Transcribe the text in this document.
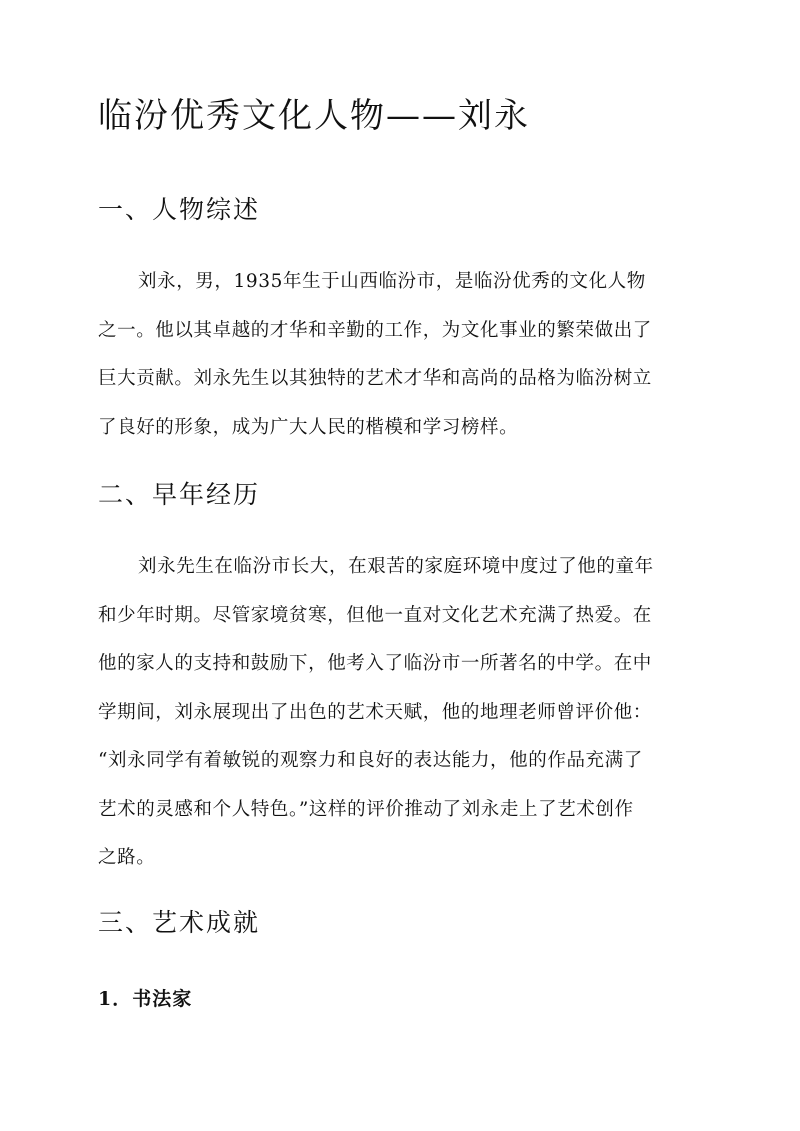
临汾优秀文化人物——刘永
一、人物综述
刘永，男，1935年生于山西临汾市，是临汾优秀的文化人物
之一。他以其卓越的才华和辛勤的工作，为文化事业的繁荣做出了
巨大贡献。刘永先生以其独特的艺术才华和高尚的品格为临汾树立
了良好的形象，成为广大人民的楷模和学习榜样。
二、早年经历
刘永先生在临汾市长大，在艰苦的家庭环境中度过了他的童年
和少年时期。尽管家境贫寒，但他一直对文化艺术充满了热爱。在
他的家人的支持和鼓励下，他考入了临汾市一所著名的中学。在中
学期间，刘永展现出了出色的艺术天赋，他的地理老师曾评价他：
“刘永同学有着敏锐的观察力和良好的表达能力，他的作品充满了
艺术的灵感和个人特色。”这样的评价推动了刘永走上了艺术创作
之路。
三、艺术成就
1．书法家
